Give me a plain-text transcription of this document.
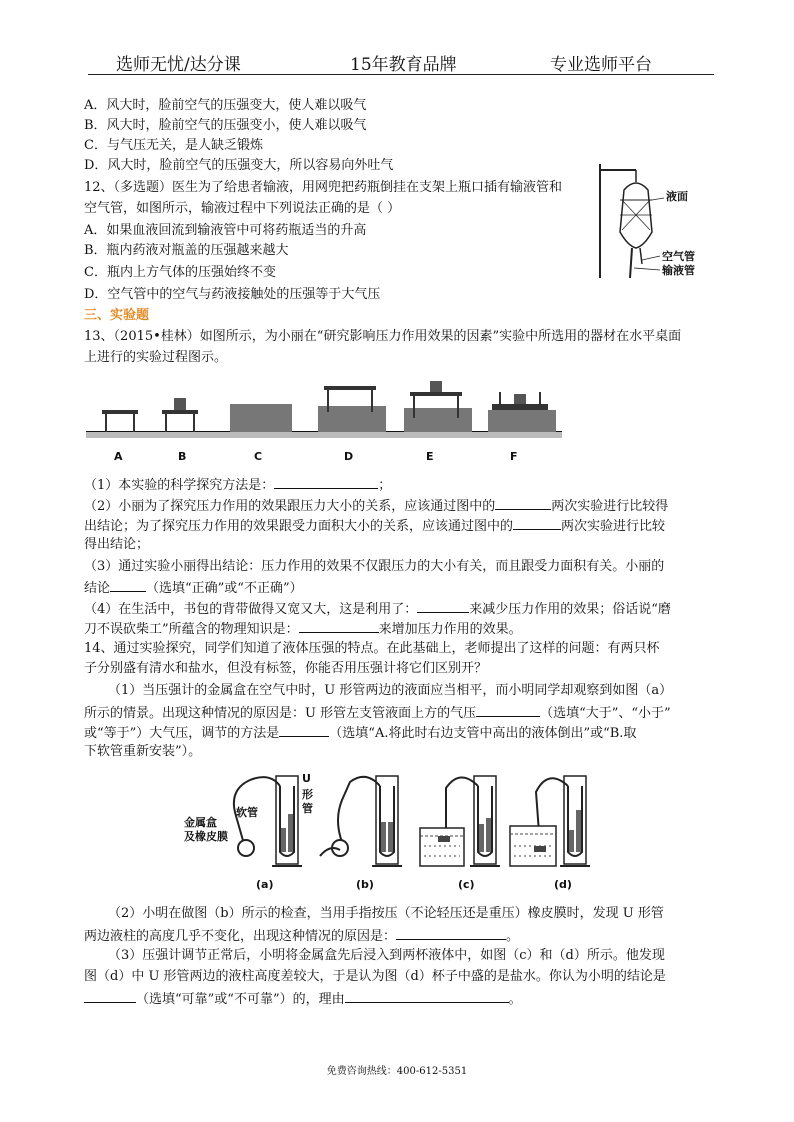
选师无忧/达分课	15年教育品牌	专业选师平台
A．风大时，脸前空气的压强变大，使人难以吸气
B．风大时，脸前空气的压强变小，使人难以吸气
C．与气压无关，是人缺乏锻炼
D．风大时，脸前空气的压强变大，所以容易向外吐气
12、（多选题）医生为了给患者输液，用网兜把药瓶倒挂在支架上瓶口插有输液管和
空气管，如图所示，输液过程中下列说法正确的是（ ）
A．如果血液回流到输液管中可将药瓶适当的升高
B．瓶内药液对瓶盖的压强越来越大
C．瓶内上方气体的压强始终不变
D．空气管中的空气与药液接触处的压强等于大气压
液面
空气管
输液管
三、实验题
13、（2015•桂林）如图所示，为小丽在“研究影响压力作用效果的因素”实验中所选用的器材在水平桌面
上进行的实验过程图示。
A	B	C	D	E	F
（1）本实验的科学探究方法是：	；
（2）小丽为了探究压力作用的效果跟压力大小的关系，应该通过图中的	两次实验进行比较得
出结论；为了探究压力作用的效果跟受力面积大小的关系，应该通过图中的	两次实验进行比较
得出结论；
（3）通过实验小丽得出结论：压力作用的效果不仅跟压力的大小有关，而且跟受力面积有关。小丽的
结论	（选填“正确”或“不正确”）
（4）在生活中，书包的背带做得又宽又大，这是利用了：	来减少压力作用的效果；俗话说“磨
刀不误砍柴工”所蕴含的物理知识是：	来增加压力作用的效果。
14、通过实验探究，同学们知道了液体压强的特点。在此基础上，老师提出了这样的问题：有两只杯
子分别盛有清水和盐水，但没有标签，你能否用压强计将它们区别开？
（1）当压强计的金属盒在空气中时，U 形管两边的液面应当相平，而小明同学却观察到如图（a）
所示的情景。出现这种情况的原因是：U 形管左支管液面上方的气压	（选填“大于”、“小于”
或“等于”）大气压，调节的方法是	（选填“A.将此时右边支管中高出的液体倒出”或“B.取
下软管重新安装”）。
金属盒
及橡皮膜
软管
U
形
管
(a)	(b)	(c)	(d)
（2）小明在做图（b）所示的检查，当用手指按压（不论轻压还是重压）橡皮膜时，发现 U 形管
两边液柱的高度几乎不变化，出现这种情况的原因是：	。
（3）压强计调节正常后，小明将金属盒先后浸入到两杯液体中，如图（c）和（d）所示。他发现
图（d）中 U 形管两边的液柱高度差较大，于是认为图（d）杯子中盛的是盐水。你认为小明的结论是
（选填“可靠”或“不可靠”）的，理由	。
免费咨询热线：400-612-5351
